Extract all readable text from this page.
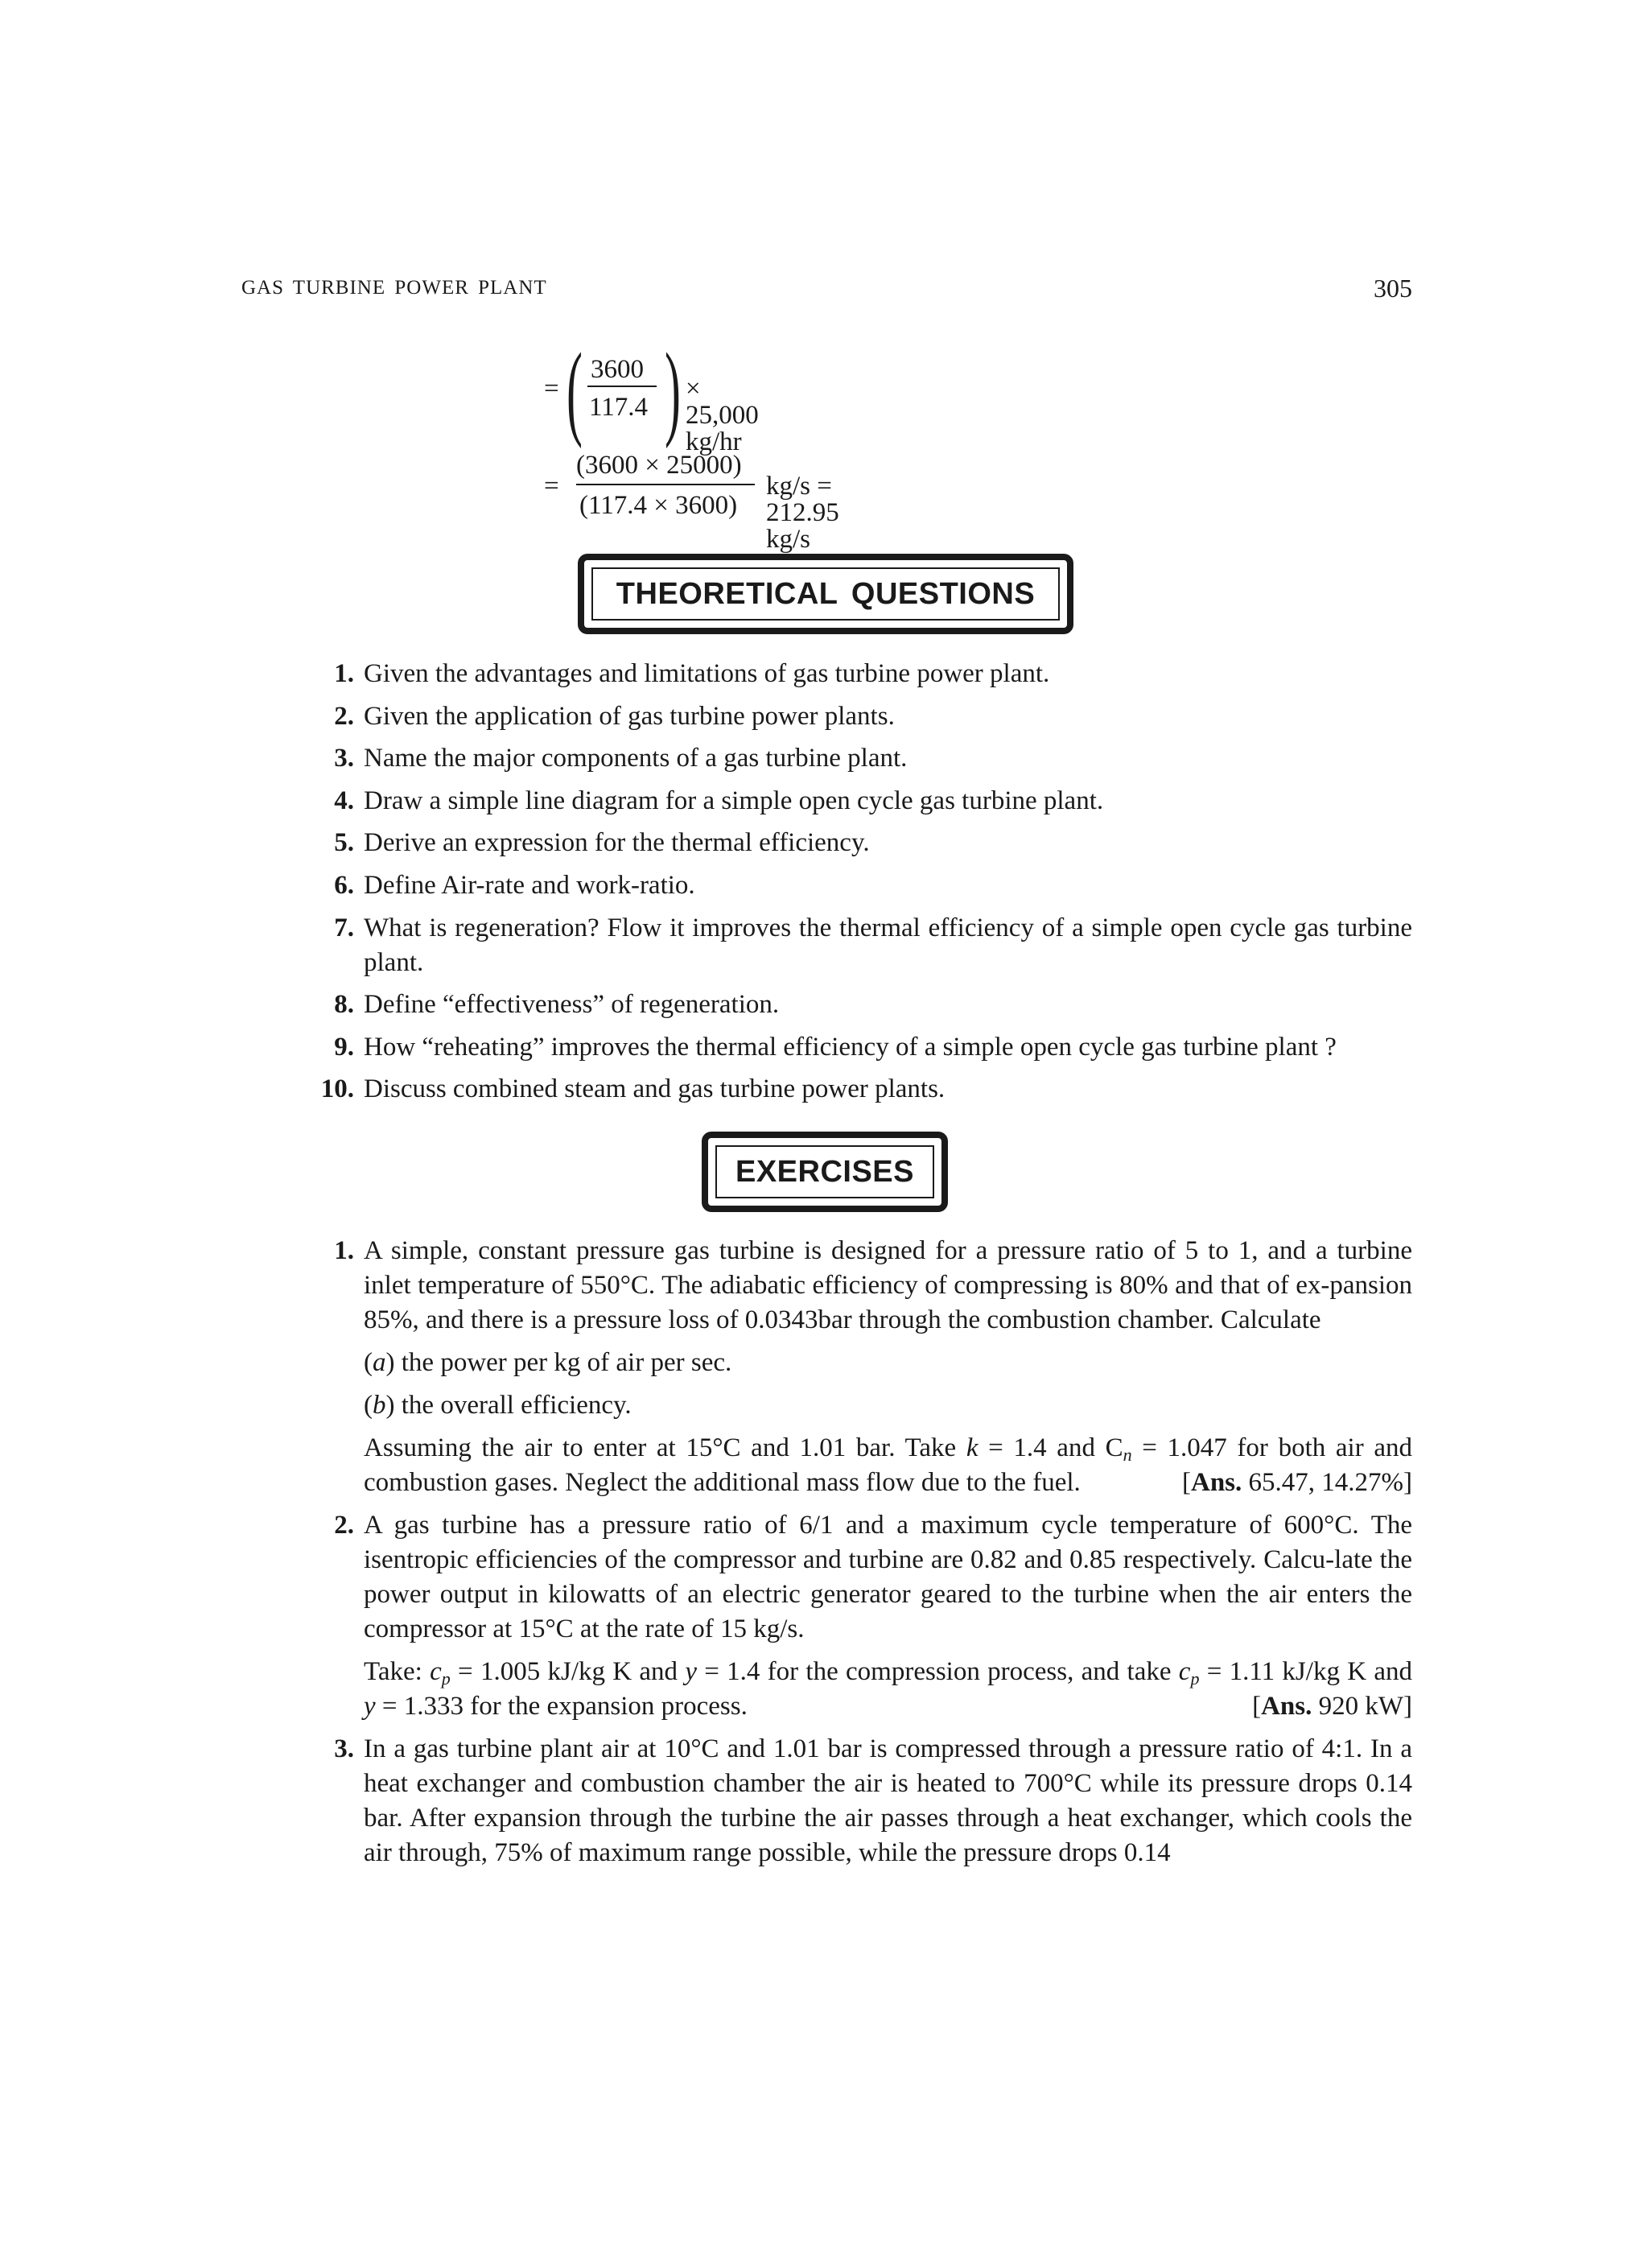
GAS TURBINE POWER PLANT	305
= ( 3600
117.4 ) × 25,000 kg/hr
=
(3600 × 25000)
(117.4 × 3600)
kg/s = 212.95 kg/s
THEORETICAL QUESTIONS
1. Given the advantages and limitations of gas turbine power plant.
2. Given the application of gas turbine power plants.
3. Name the major components of a gas turbine plant.
4. Draw a simple line diagram for a simple open cycle gas turbine plant.
5. Derive an expression for the thermal efficiency.
6. Define Air-rate and work-ratio.
7. What is regeneration? Flow it improves the thermal efficiency of a simple open cycle gas turbine plant.
8. Define “effectiveness” of regeneration.
9. How “reheating” improves the thermal efficiency of a simple open cycle gas turbine plant ?
10. Discuss combined steam and gas turbine power plants.
EXERCISES
1. A simple, constant pressure gas turbine is designed for a pressure ratio of 5 to 1, and a turbine inlet temperature of 550°C. The adiabatic efficiency of compressing is 80% and that of ex-pansion 85%, and there is a pressure loss of 0.0343bar through the combustion chamber. Calculate
(a) the power per kg of air per sec.
(b) the overall efficiency.
Assuming the air to enter at 15°C and 1.01 bar. Take k = 1.4 and $C_n = 1.047$ for both air and combustion gases. Neglect the additional mass flow due to the fuel.	[Ans. 65.47, 14.27%]
2. A gas turbine has a pressure ratio of 6/1 and a maximum cycle temperature of 600°C. The isentropic efficiencies of the compressor and turbine are 0.82 and 0.85 respectively. Calcu-late the power output in kilowatts of an electric generator geared to the turbine when the air enters the compressor at 15°C at the rate of 15 kg/s.
Take: $c_p = 1.005$ kJ/kg K and y = 1.4 for the compression process, and take $c_p = 1.11$ kJ/kg K and y = 1.333 for the expansion process.	[Ans. 920 kW]
3. In a gas turbine plant air at 10°C and 1.01 bar is compressed through a pressure ratio of 4:1. In a heat exchanger and combustion chamber the air is heated to 700°C while its pressure drops 0.14 bar. After expansion through the turbine the air passes through a heat exchanger, which cools the air through, 75% of maximum range possible, while the pressure drops 0.14
